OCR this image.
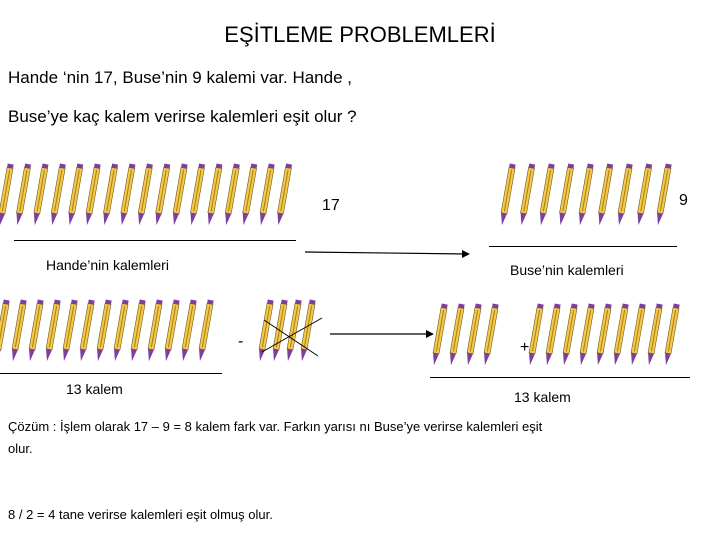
EŞİTLEME PROBLEMLERİ
Hande ‘nin 17, Buse’nin 9 kalemi var. Hande ,
Buse’ye kaç kalem verirse kalemleri eşit olur ?
17	9
Hande’nin kalemleri	Buse’nin kalemleri
-	+
13 kalem	13 kalem
Çözüm : İşlem olarak 17 – 9 = 8 kalem fark var. Farkın yarısı nı Buse’ye verirse kalemleri eşit
olur.
8 / 2 = 4 tane verirse kalemleri eşit olmuş olur.
